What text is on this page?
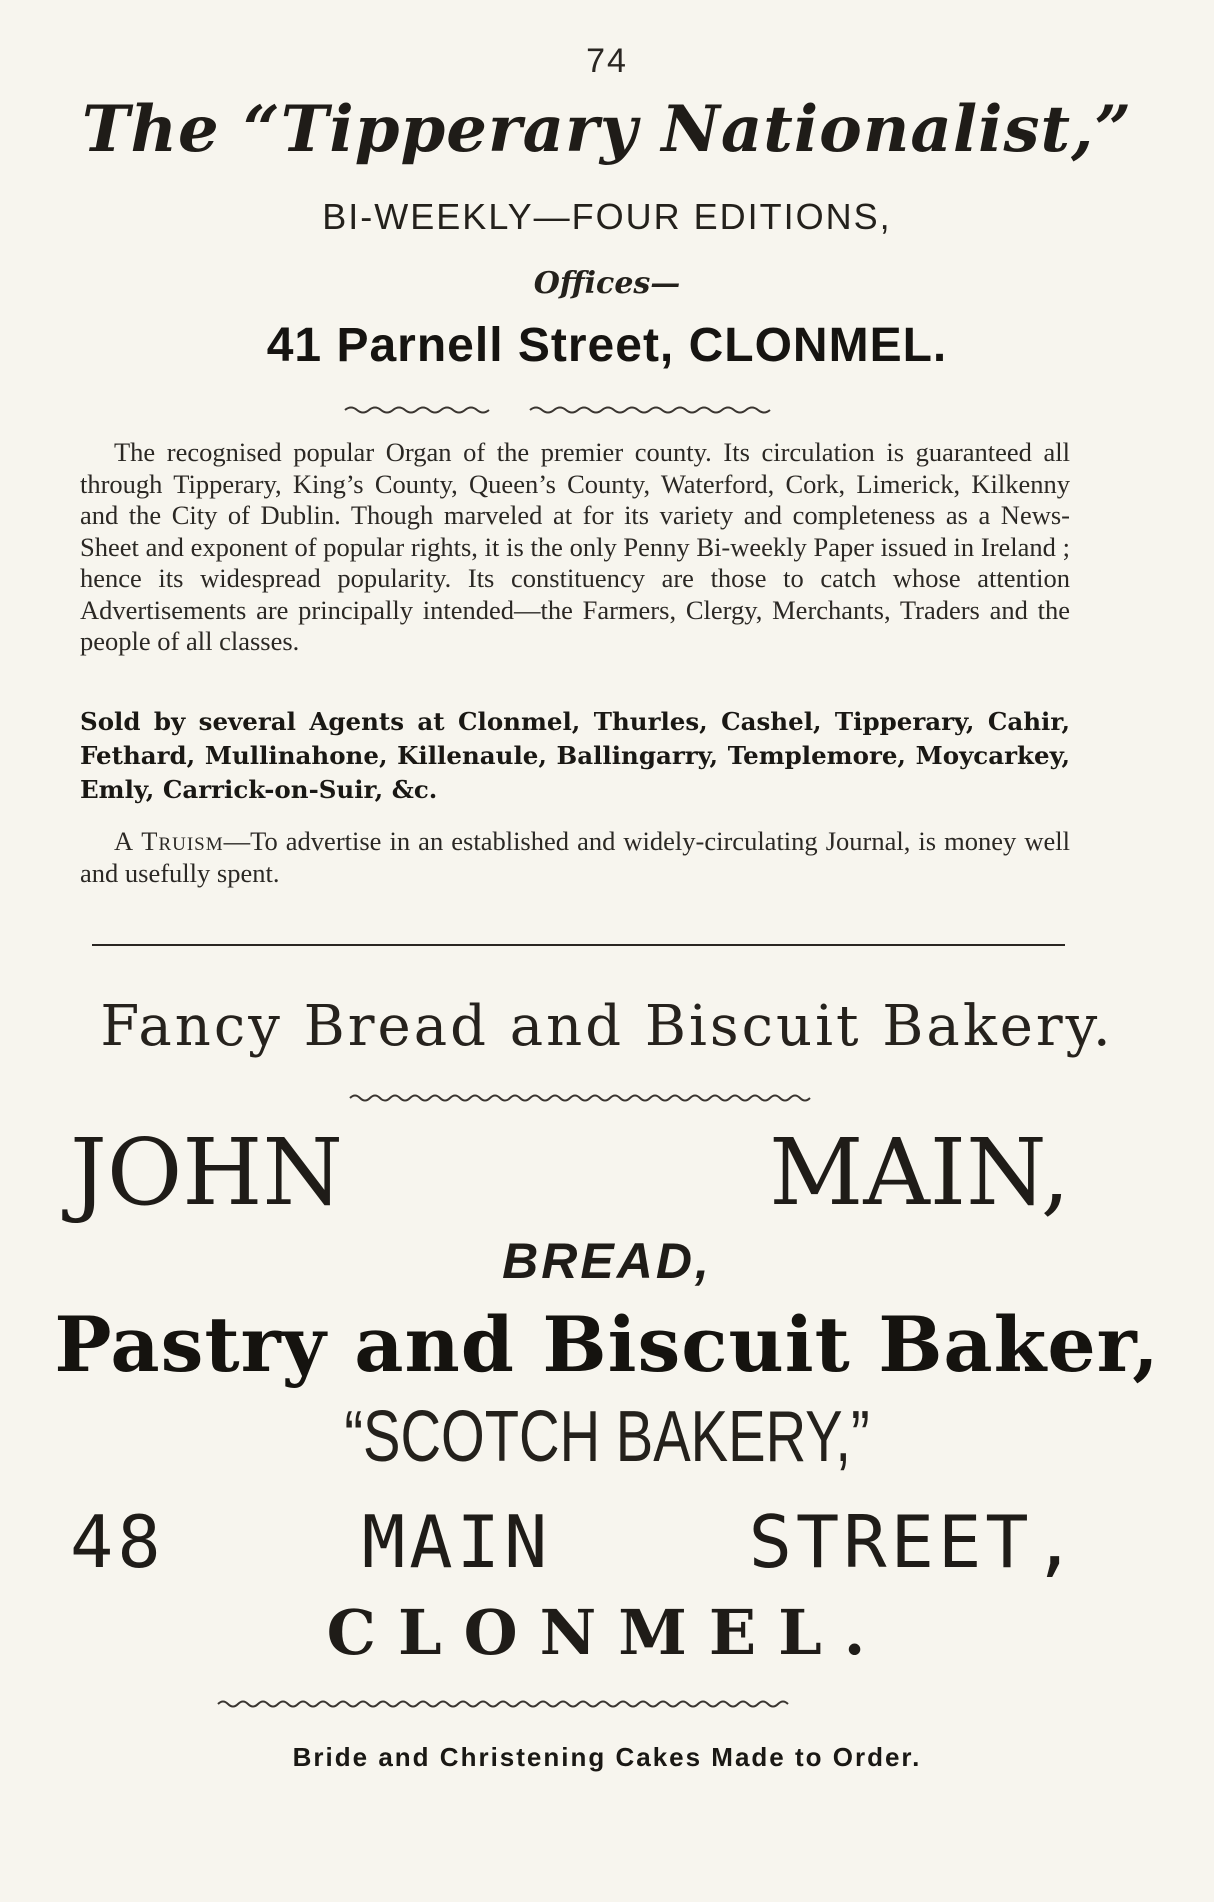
74
The “Tipperary Nationalist,”
BI-WEEKLY—FOUR EDITIONS,
Offices—
41 Parnell Street, CLONMEL.
The recognised popular Organ of the premier county. Its circulation is guaranteed all through Tipperary, King’s County, Queen’s County, Waterford, Cork, Limerick, Kilkenny and the City of Dublin. Though marveled at for its variety and completeness as a News-Sheet and exponent of popular rights, it is the only Penny Bi-weekly Paper issued in Ireland ; hence its widespread popularity. Its constituency are those to catch whose attention Advertisements are principally intended—the Farmers, Clergy, Merchants, Traders and the people of all classes.
Sold by several Agents at Clonmel, Thurles, Cashel, Tipperary, Cahir, Fethard, Mullinahone, Killenaule, Ballingarry, Templemore, Moycarkey, Emly, Carrick-on-Suir, &c.
A Truism—To advertise in an established and widely-circulating Journal, is money well and usefully spent.
Fancy Bread and Biscuit Bakery.
JOHN MAIN,
BREAD,
Pastry and Biscuit Baker,
“SCOTCH BAKERY,”
48 MAIN STREET,
CLONMEL.
Bride and Christening Cakes Made to Order.
